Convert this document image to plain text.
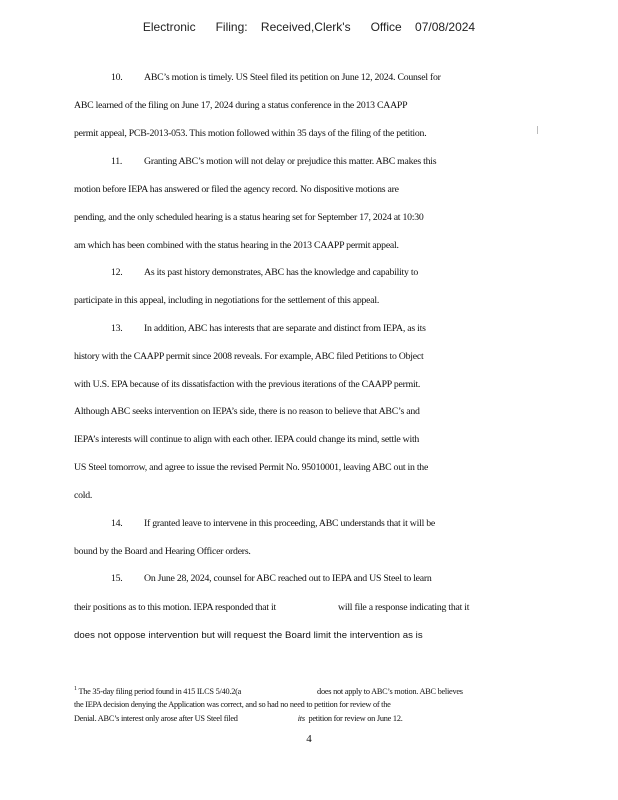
Electronic      Filing:    Received,Clerk's      Office    07/08/2024
10. ABC’s motion is timely. US Steel filed its petition on June 12, 2024. Counsel for
ABC learned of the filing on June 17, 2024 during a status conference in the 2013 CAAPP
permit appeal, PCB-2013-053. This motion followed within 35 days of the filing of the petition.
11. Granting ABC’s motion will not delay or prejudice this matter. ABC makes this
motion before IEPA has answered or filed the agency record. No dispositive motions are
pending, and the only scheduled hearing is a status hearing set for September 17, 2024 at 10:30
am which has been combined with the status hearing in the 2013 CAAPP permit appeal.
12. As its past history demonstrates, ABC has the knowledge and capability to
participate in this appeal, including in negotiations for the settlement of this appeal.
13. In addition, ABC has interests that are separate and distinct from IEPA, as its
history with the CAAPP permit since 2008 reveals. For example, ABC filed Petitions to Object
with U.S. EPA because of its dissatisfaction with the previous iterations of the CAAPP permit.
Although ABC seeks intervention on IEPA’s side, there is no reason to believe that ABC’s and
IEPA’s interests will continue to align with each other. IEPA could change its mind, settle with
US Steel tomorrow, and agree to issue the revised Permit No. 95010001, leaving ABC out in the
cold.
14. If granted leave to intervene in this proceeding, ABC understands that it will be
bound by the Board and Hearing Officer orders.
15. On June 28, 2024, counsel for ABC reached out to IEPA and US Steel to learn
their positions as to this motion. IEPA responded that it	will file a response indicating that it
does not oppose intervention but will request the Board limit the intervention as is
$^1$ The 35-day filing period found in 415 ILCS 5/40.2(a	does not apply to ABC’s motion. ABC believes
the IEPA decision denying the Application was correct, and so had no need to petition for review of the
Denial. ABC’s interest only arose after US Steel filed	its petition for review on June 12.
4
